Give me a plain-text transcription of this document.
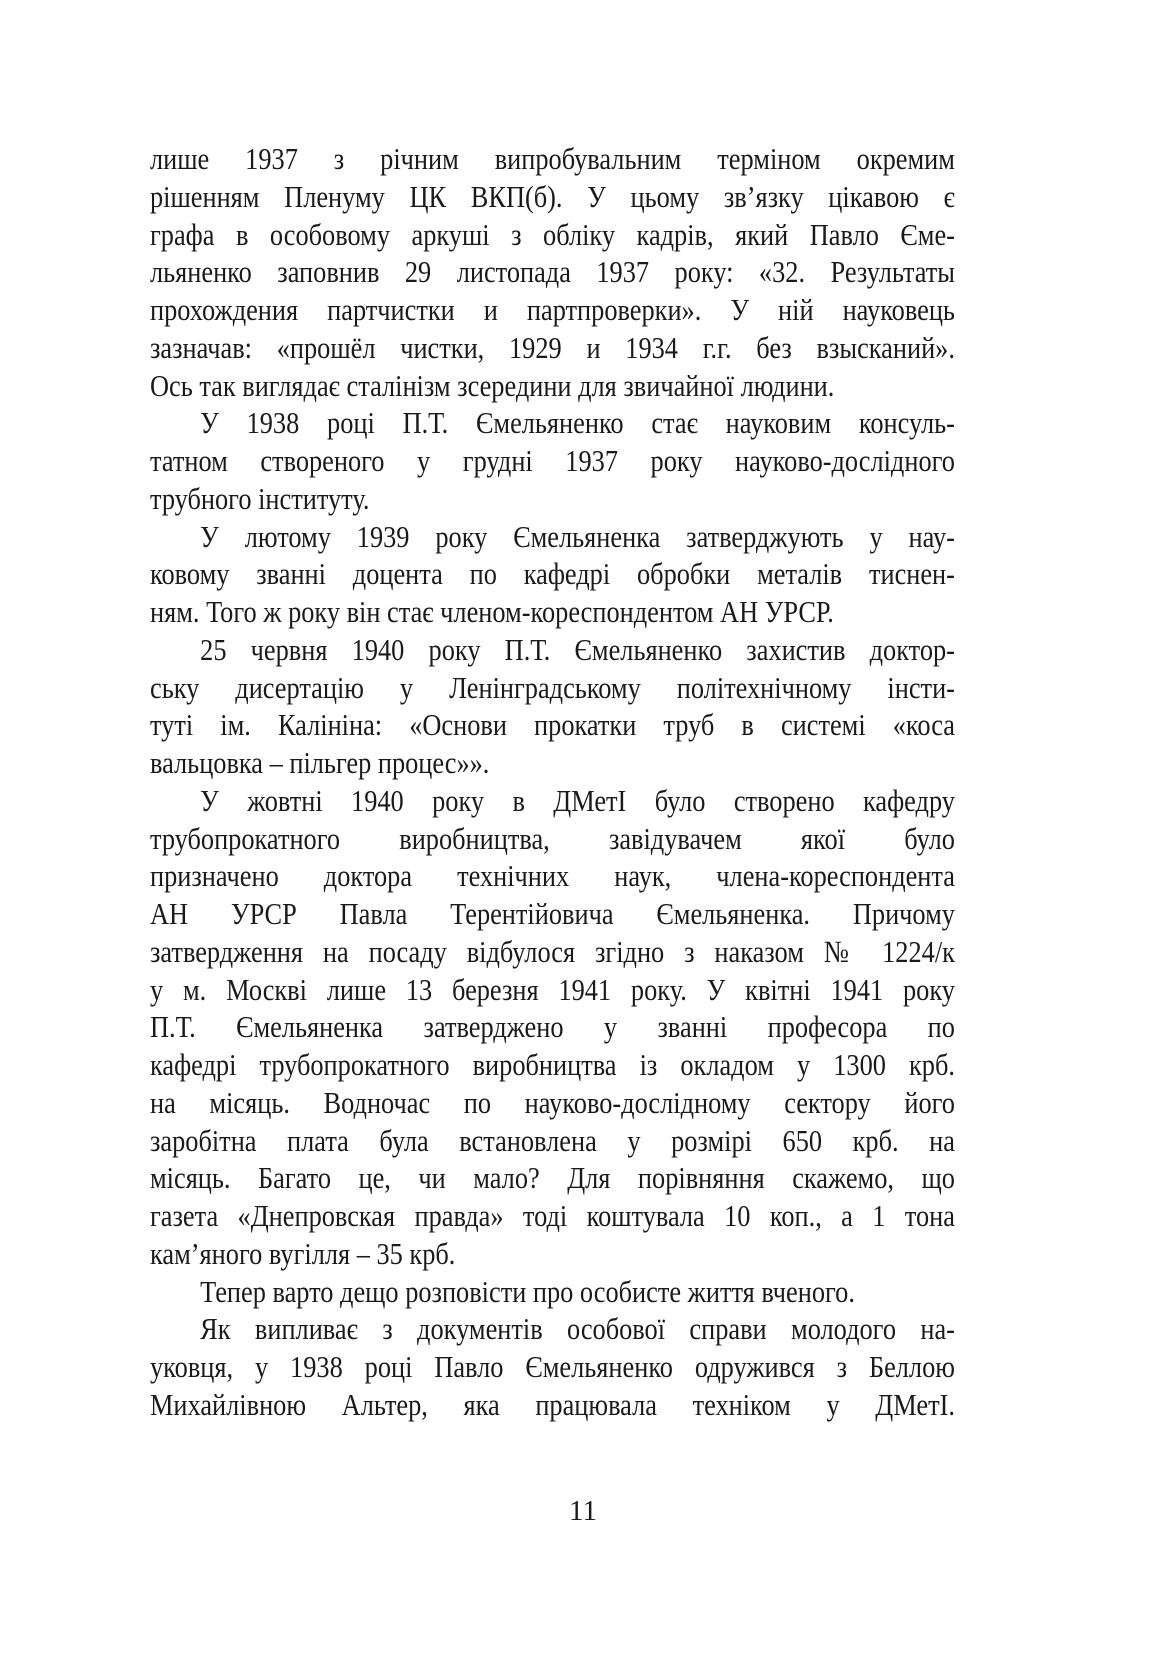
лише 1937 з річним випробувальним терміном окремим
рішенням Пленуму ЦК ВКП(б). У цьому зв’язку цікавою є
графа в особовому аркуші з обліку кадрів, який Павло Єме-
льяненко заповнив 29 листопада 1937 року: «32. Результаты
прохождения партчистки и партпроверки». У ній науковець
зазначав: «прошёл чистки, 1929 и 1934 г.г. без взысканий».
Ось так виглядає сталінізм зсередини для звичайної людини.
У 1938 році П.Т. Ємельяненко стає науковим консуль-
татном створеного у грудні 1937 року науково-дослідного
трубного інституту.
У лютому 1939 року Ємельяненка затверджують у нау-
ковому званні доцента по кафедрі обробки металів тиснен-
ням. Того ж року він стає членом-кореспондентом АН УРСР.
25 червня 1940 року П.Т. Ємельяненко захистив доктор-
ську дисертацію у Ленінградському політехнічному інсти-
туті ім. Калініна: «Основи прокатки труб в системі «коса
вальцовка – пільгер процес»».
У жовтні 1940 року в ДМетІ було створено кафедру
трубопрокатного виробництва, завідувачем якої було
призначено доктора технічних наук, члена-кореспондента
АН УРСР Павла Терентійовича Ємельяненка. Причому
затвердження на посаду відбулося згідно з наказом № 1224/к
у м. Москві лише 13 березня 1941 року. У квітні 1941 року
П.Т. Ємельяненка затверджено у званні професора по
кафедрі трубопрокатного виробництва із окладом у 1300 крб.
на місяць. Водночас по науково-дослідному сектору його
заробітна плата була встановлена у розмірі 650 крб. на
місяць. Багато це, чи мало? Для порівняння скажемо, що
газета «Днепровская правда» тоді коштувала 10 коп., а 1 тона
кам’яного вугілля – 35 крб.
Тепер варто дещо розповісти про особисте життя вченого.
Як випливає з документів особової справи молодого на-
уковця, у 1938 році Павло Ємельяненко одружився з Беллою
Михайлівною Альтер, яка працювала техніком у ДМетІ.
11
